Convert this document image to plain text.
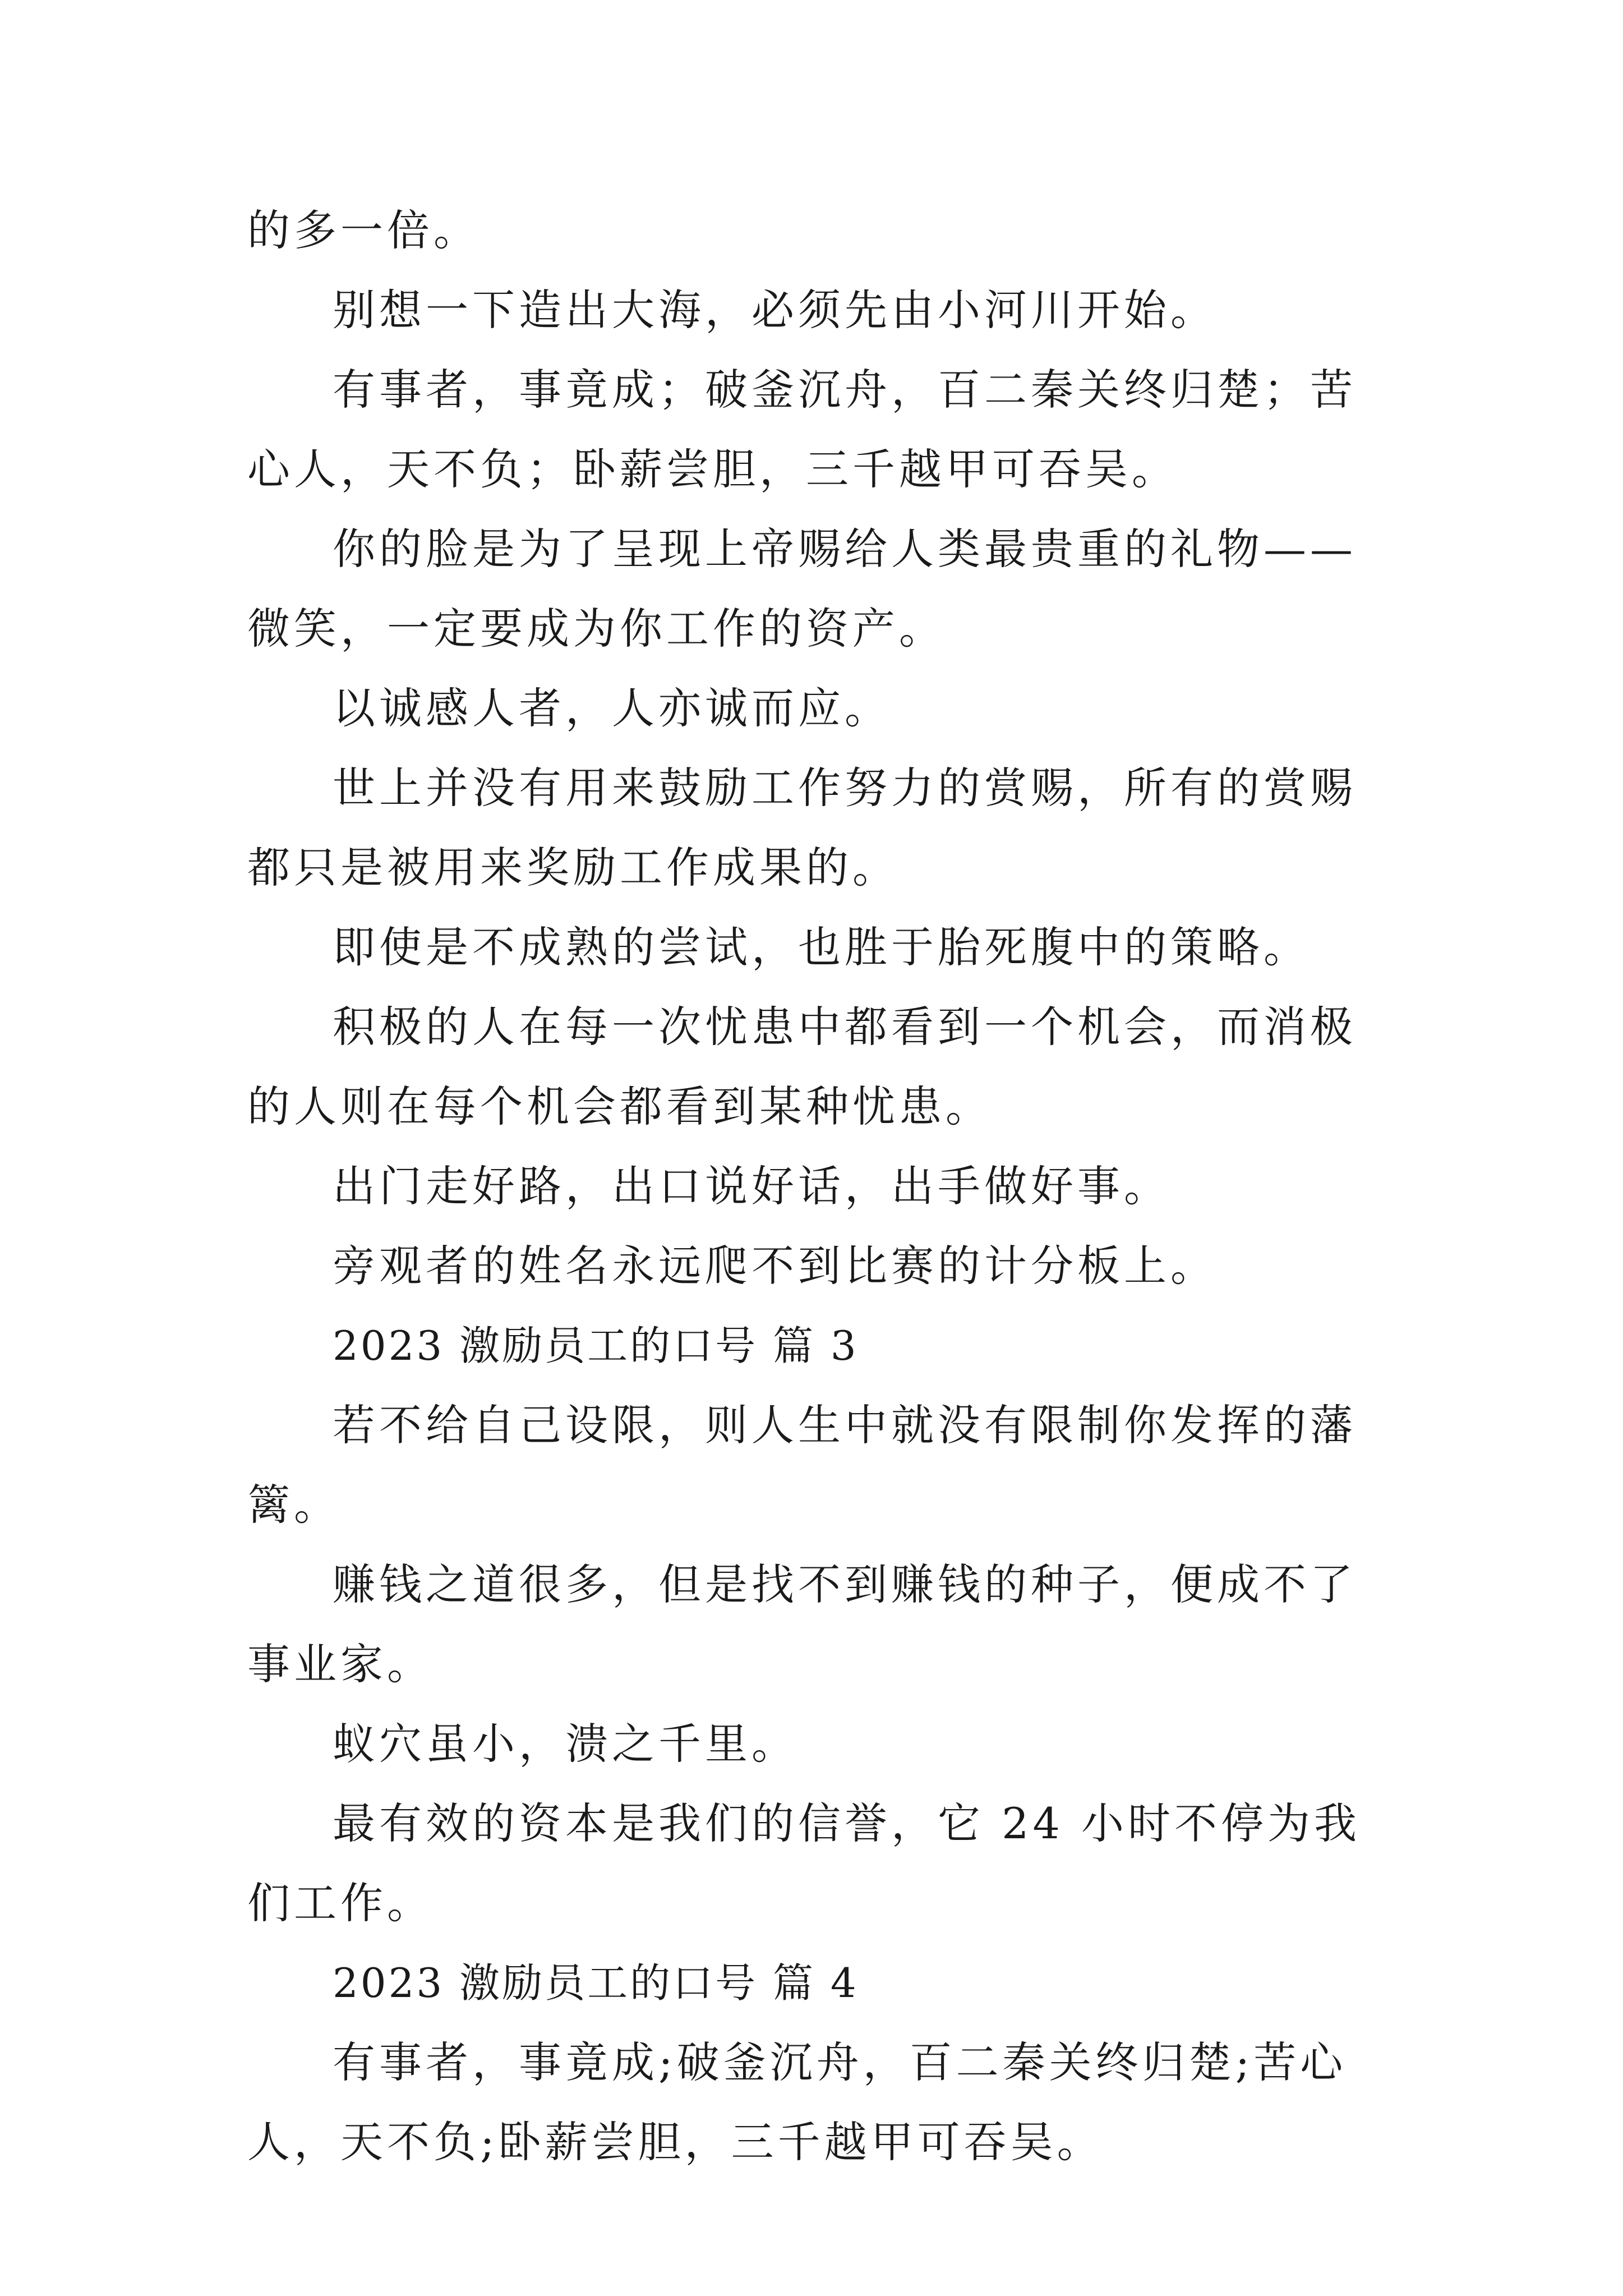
的多一倍。

别想一下造出大海，必须先由小河川开始。

有事者，事竟成；破釜沉舟，百二秦关终归楚；苦心人，天不负；卧薪尝胆，三千越甲可吞吴。

你的脸是为了呈现上帝赐给人类最贵重的礼物——微笑，一定要成为你工作的资产。

以诚感人者，人亦诚而应。

世上并没有用来鼓励工作努力的赏赐，所有的赏赐都只是被用来奖励工作成果的。

即使是不成熟的尝试，也胜于胎死腹中的策略。

积极的人在每一次忧患中都看到一个机会，而消极的人则在每个机会都看到某种忧患。

出门走好路，出口说好话，出手做好事。

旁观者的姓名永远爬不到比赛的计分板上。

2023 激励员工的口号 篇 3

若不给自己设限，则人生中就没有限制你发挥的藩篱。

赚钱之道很多，但是找不到赚钱的种子，便成不了事业家。

蚁穴虽小，溃之千里。

最有效的资本是我们的信誉，它 24 小时不停为我们工作。

2023 激励员工的口号 篇 4

有事者，事竟成;破釜沉舟，百二秦关终归楚;苦心人，天不负;卧薪尝胆，三千越甲可吞吴。
